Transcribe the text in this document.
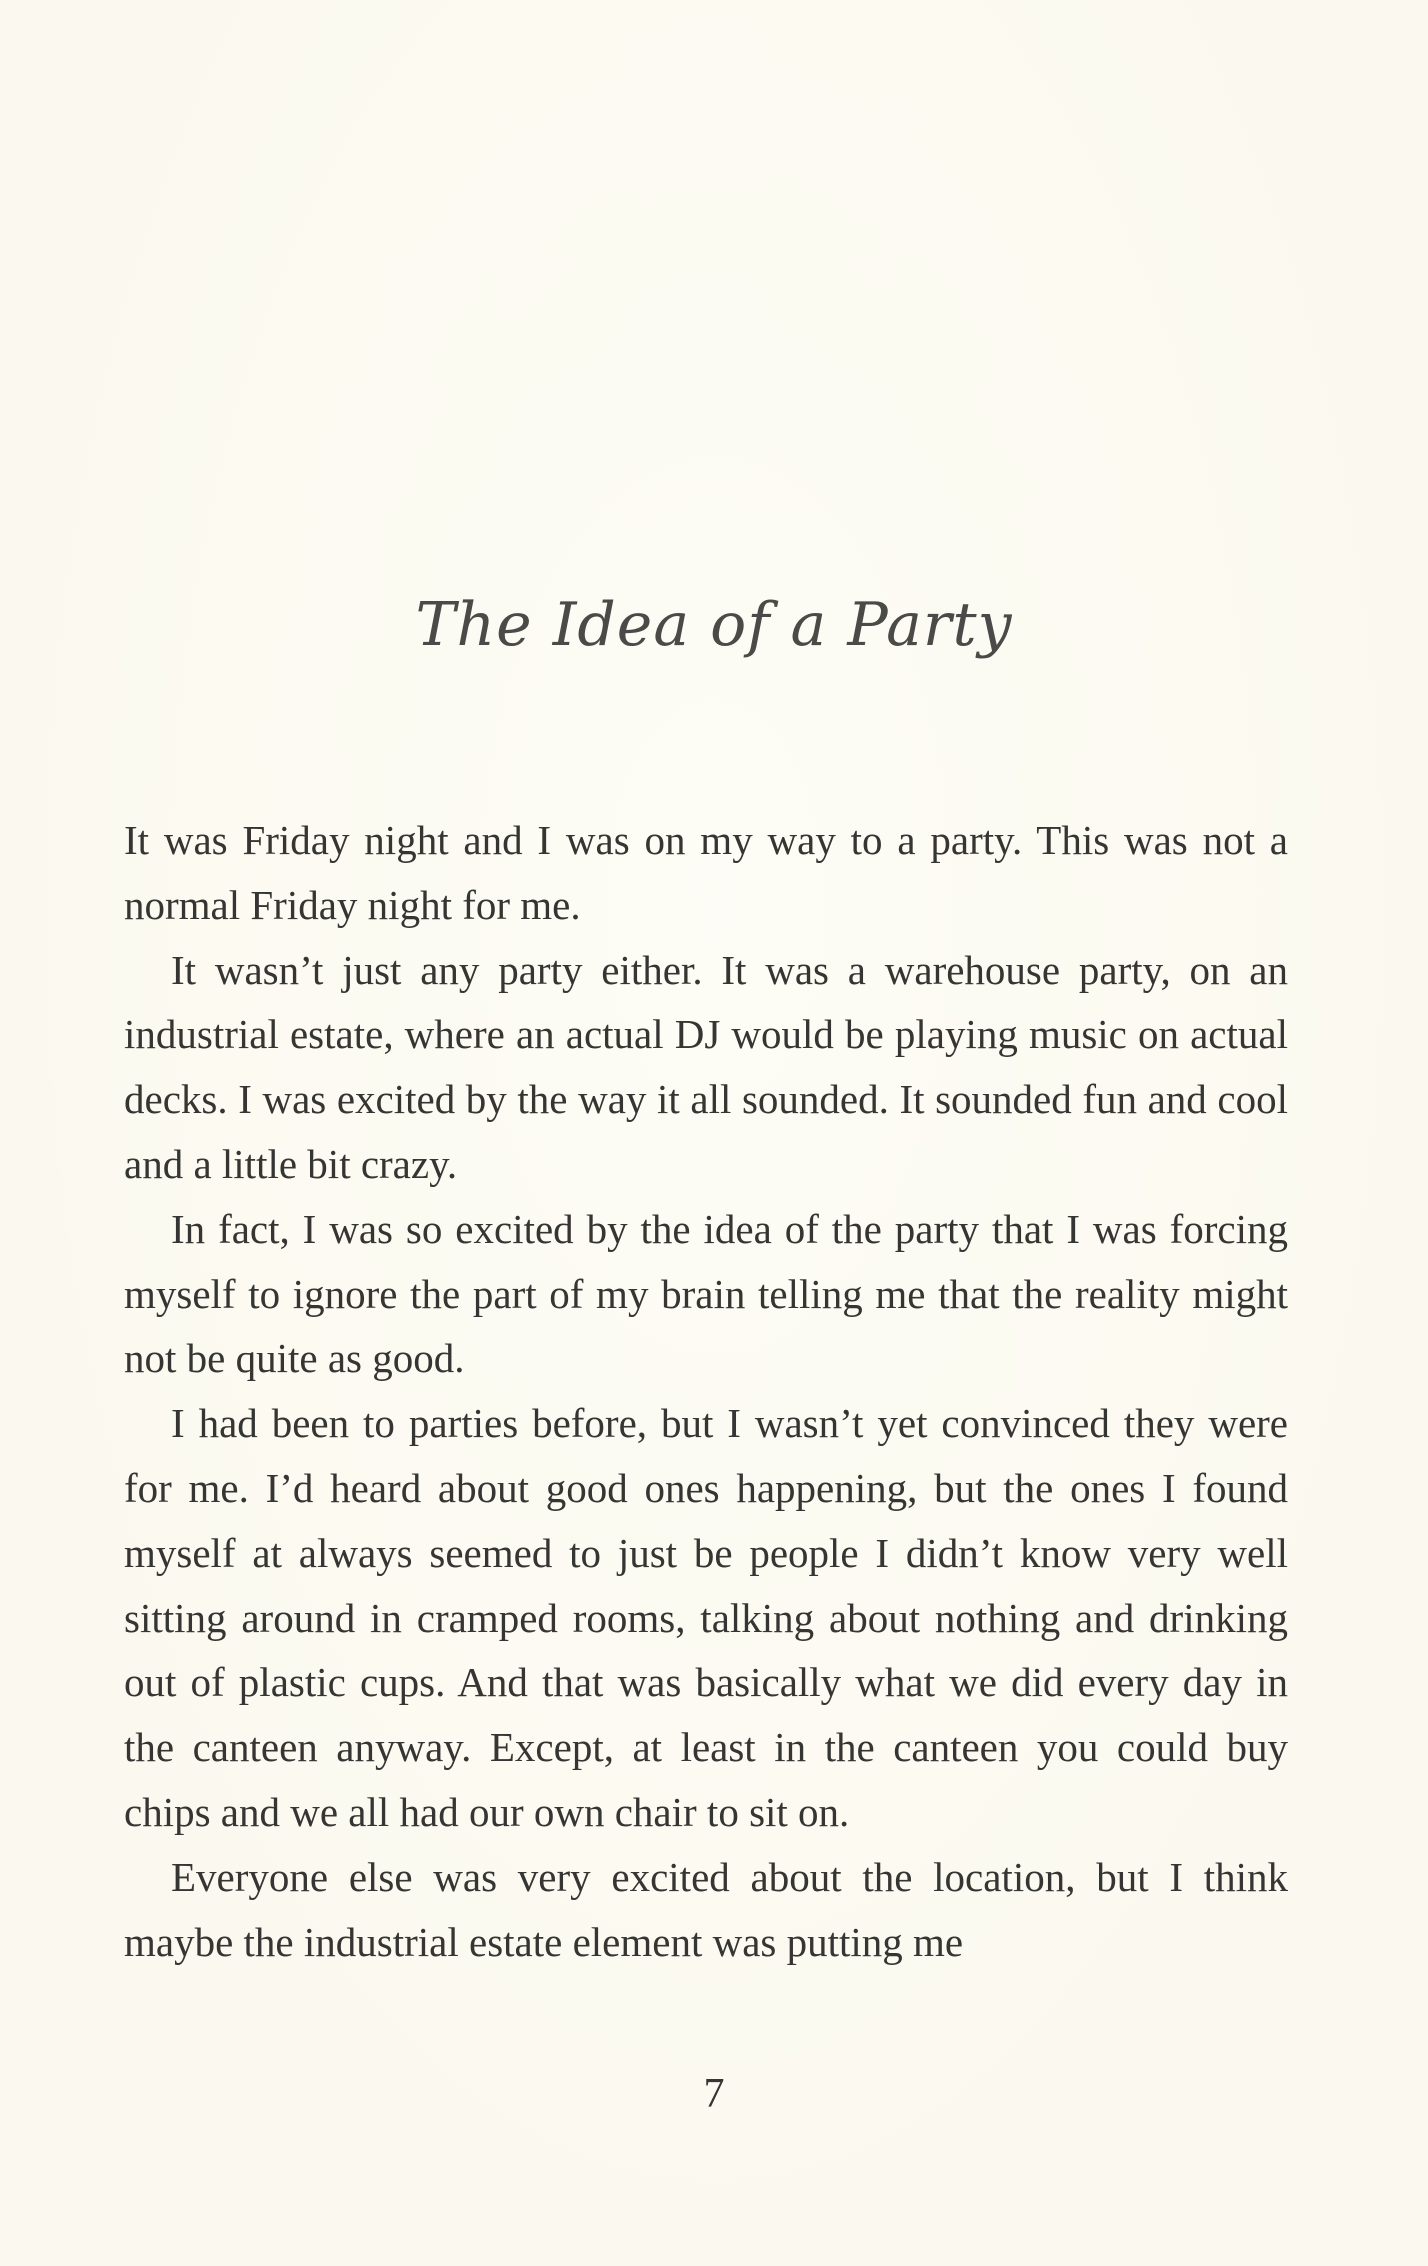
The Idea of a Party

It was Friday night and I was on my way to a party. This was not a normal Friday night for me.

It wasn’t just any party either. It was a warehouse party, on an industrial estate, where an actual DJ would be playing music on actual decks. I was excited by the way it all sounded. It sounded fun and cool and a little bit crazy.

In fact, I was so excited by the idea of the party that I was forcing myself to ignore the part of my brain telling me that the reality might not be quite as good.

I had been to parties before, but I wasn’t yet convinced they were for me. I’d heard about good ones happening, but the ones I found myself at always seemed to just be people I didn’t know very well sitting around in cramped rooms, talking about nothing and drinking out of plastic cups. And that was basically what we did every day in the canteen anyway. Except, at least in the canteen you could buy chips and we all had our own chair to sit on.

Everyone else was very excited about the location, but I think maybe the industrial estate element was putting me

7
